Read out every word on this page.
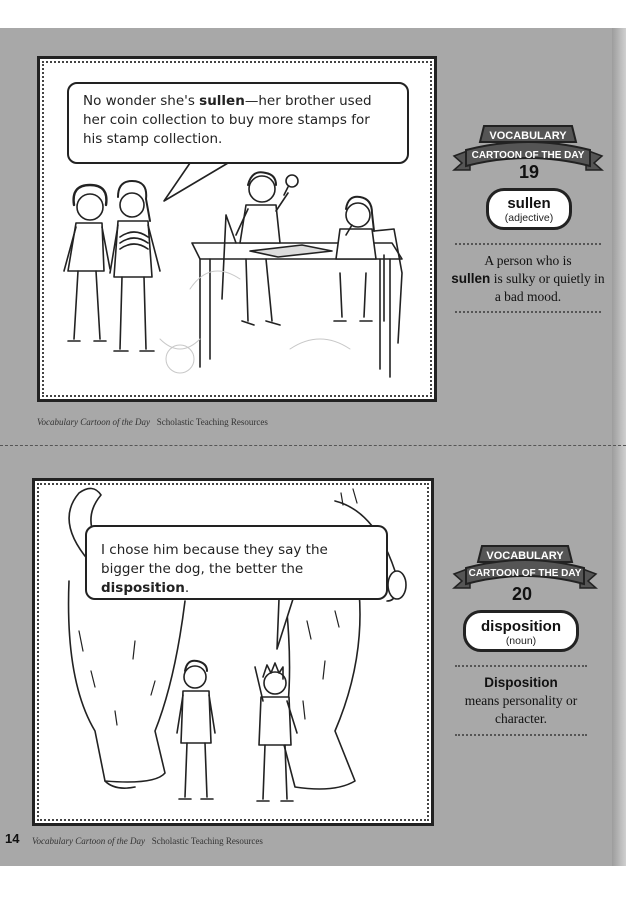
No wonder she's sullen—her brother used her coin collection to buy more stamps for his stamp collection.
Vocabulary Cartoon of the Day Scholastic Teaching Resources
VOCABULARY
CARTOON OF THE DAY
19
sullen
(adjective)
A person who is
sullen is sulky or quietly in a bad mood.
I chose him because they say the bigger the dog, the better the disposition.
VOCABULARY
CARTOON OF THE DAY
20
disposition
(noun)
Disposition
means personality or character.
14 Vocabulary Cartoon of the Day Scholastic Teaching Resources
